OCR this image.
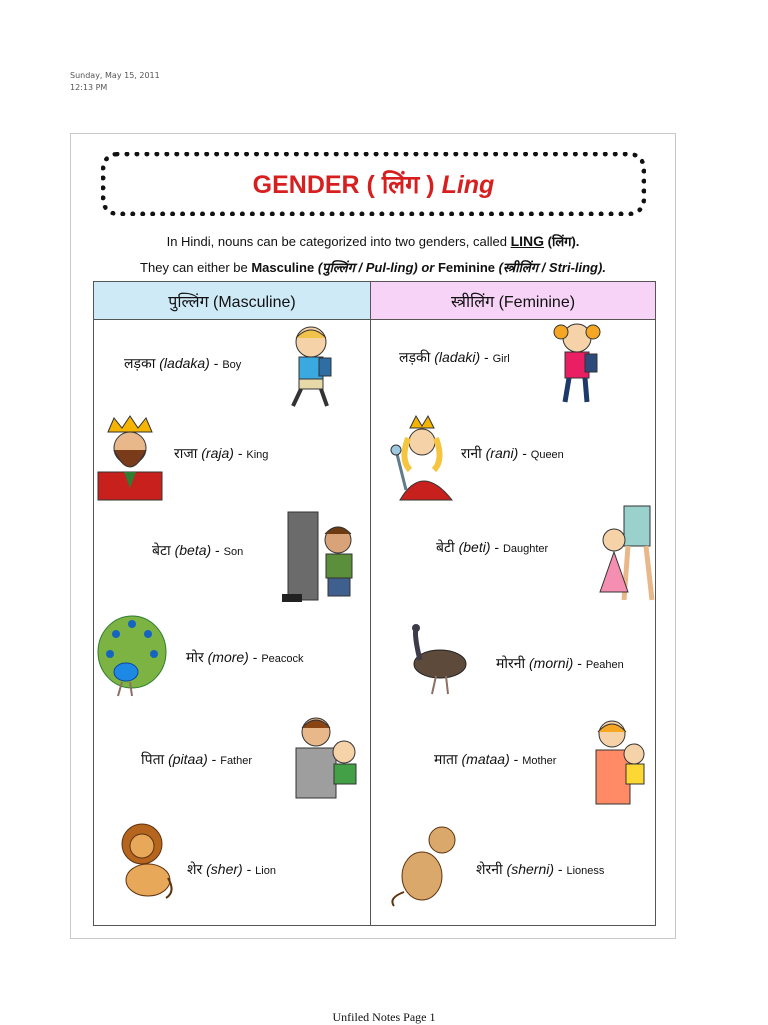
Sunday, May 15, 2011
12:13 PM
GENDER ( लिंग ) Ling
In Hindi, nouns can be categorized into two genders, called LING (लिंग).
They can either be Masculine (पुल्लिंग / Pul-ling) or Feminine (स्त्रीलिंग / Stri-ling).
पुल्लिंग (Masculine)	स्त्रीलिंग (Feminine)
लड़का (ladaka) - Boy
राजा (raja) - King
बेटा (beta) - Son
मोर (more) - Peacock
पिता (pitaa) - Father
शेर (sher) - Lion
लड़की (ladaki) - Girl
रानी (rani) - Queen
बेटी (beti) - Daughter
मोरनी (morni) - Peahen
माता (mataa) - Mother
शेरनी (sherni) - Lioness
Unfiled Notes Page 1
